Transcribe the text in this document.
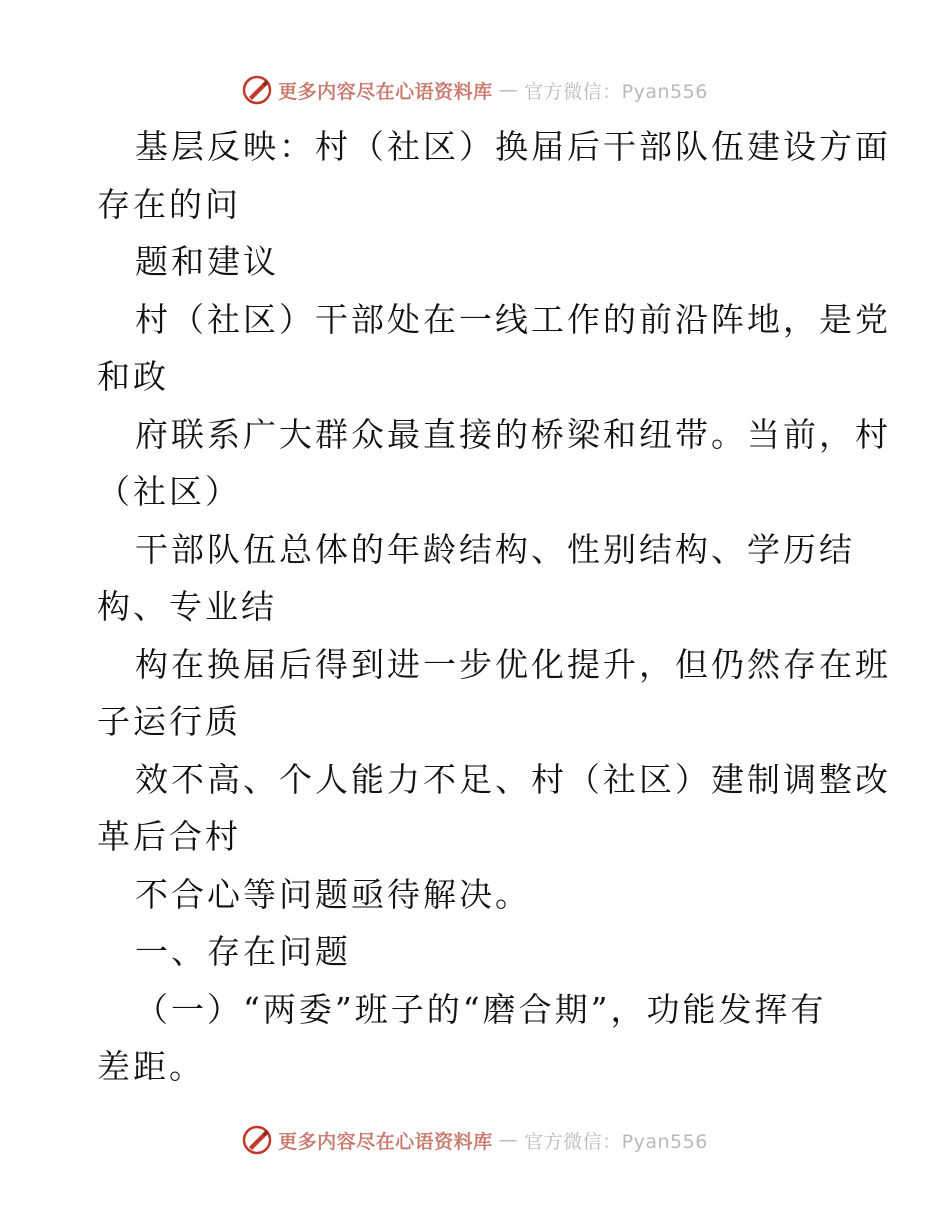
更多内容尽在心语资料库 — 官方微信：Pyan556
基层反映：村（社区）换届后干部队伍建设方面
存在的问
题和建议
村（社区）干部处在一线工作的前沿阵地，是党
和政
府联系广大群众最直接的桥梁和纽带。当前，村
（社区）
干部队伍总体的年龄结构、性别结构、学历结
构、专业结
构在换届后得到进一步优化提升，但仍然存在班
子运行质
效不高、个人能力不足、村（社区）建制调整改
革后合村
不合心等问题亟待解决。
一、存在问题
（一）“两委”班子的“磨合期”，功能发挥有
差距。
更多内容尽在心语资料库 — 官方微信：Pyan556
